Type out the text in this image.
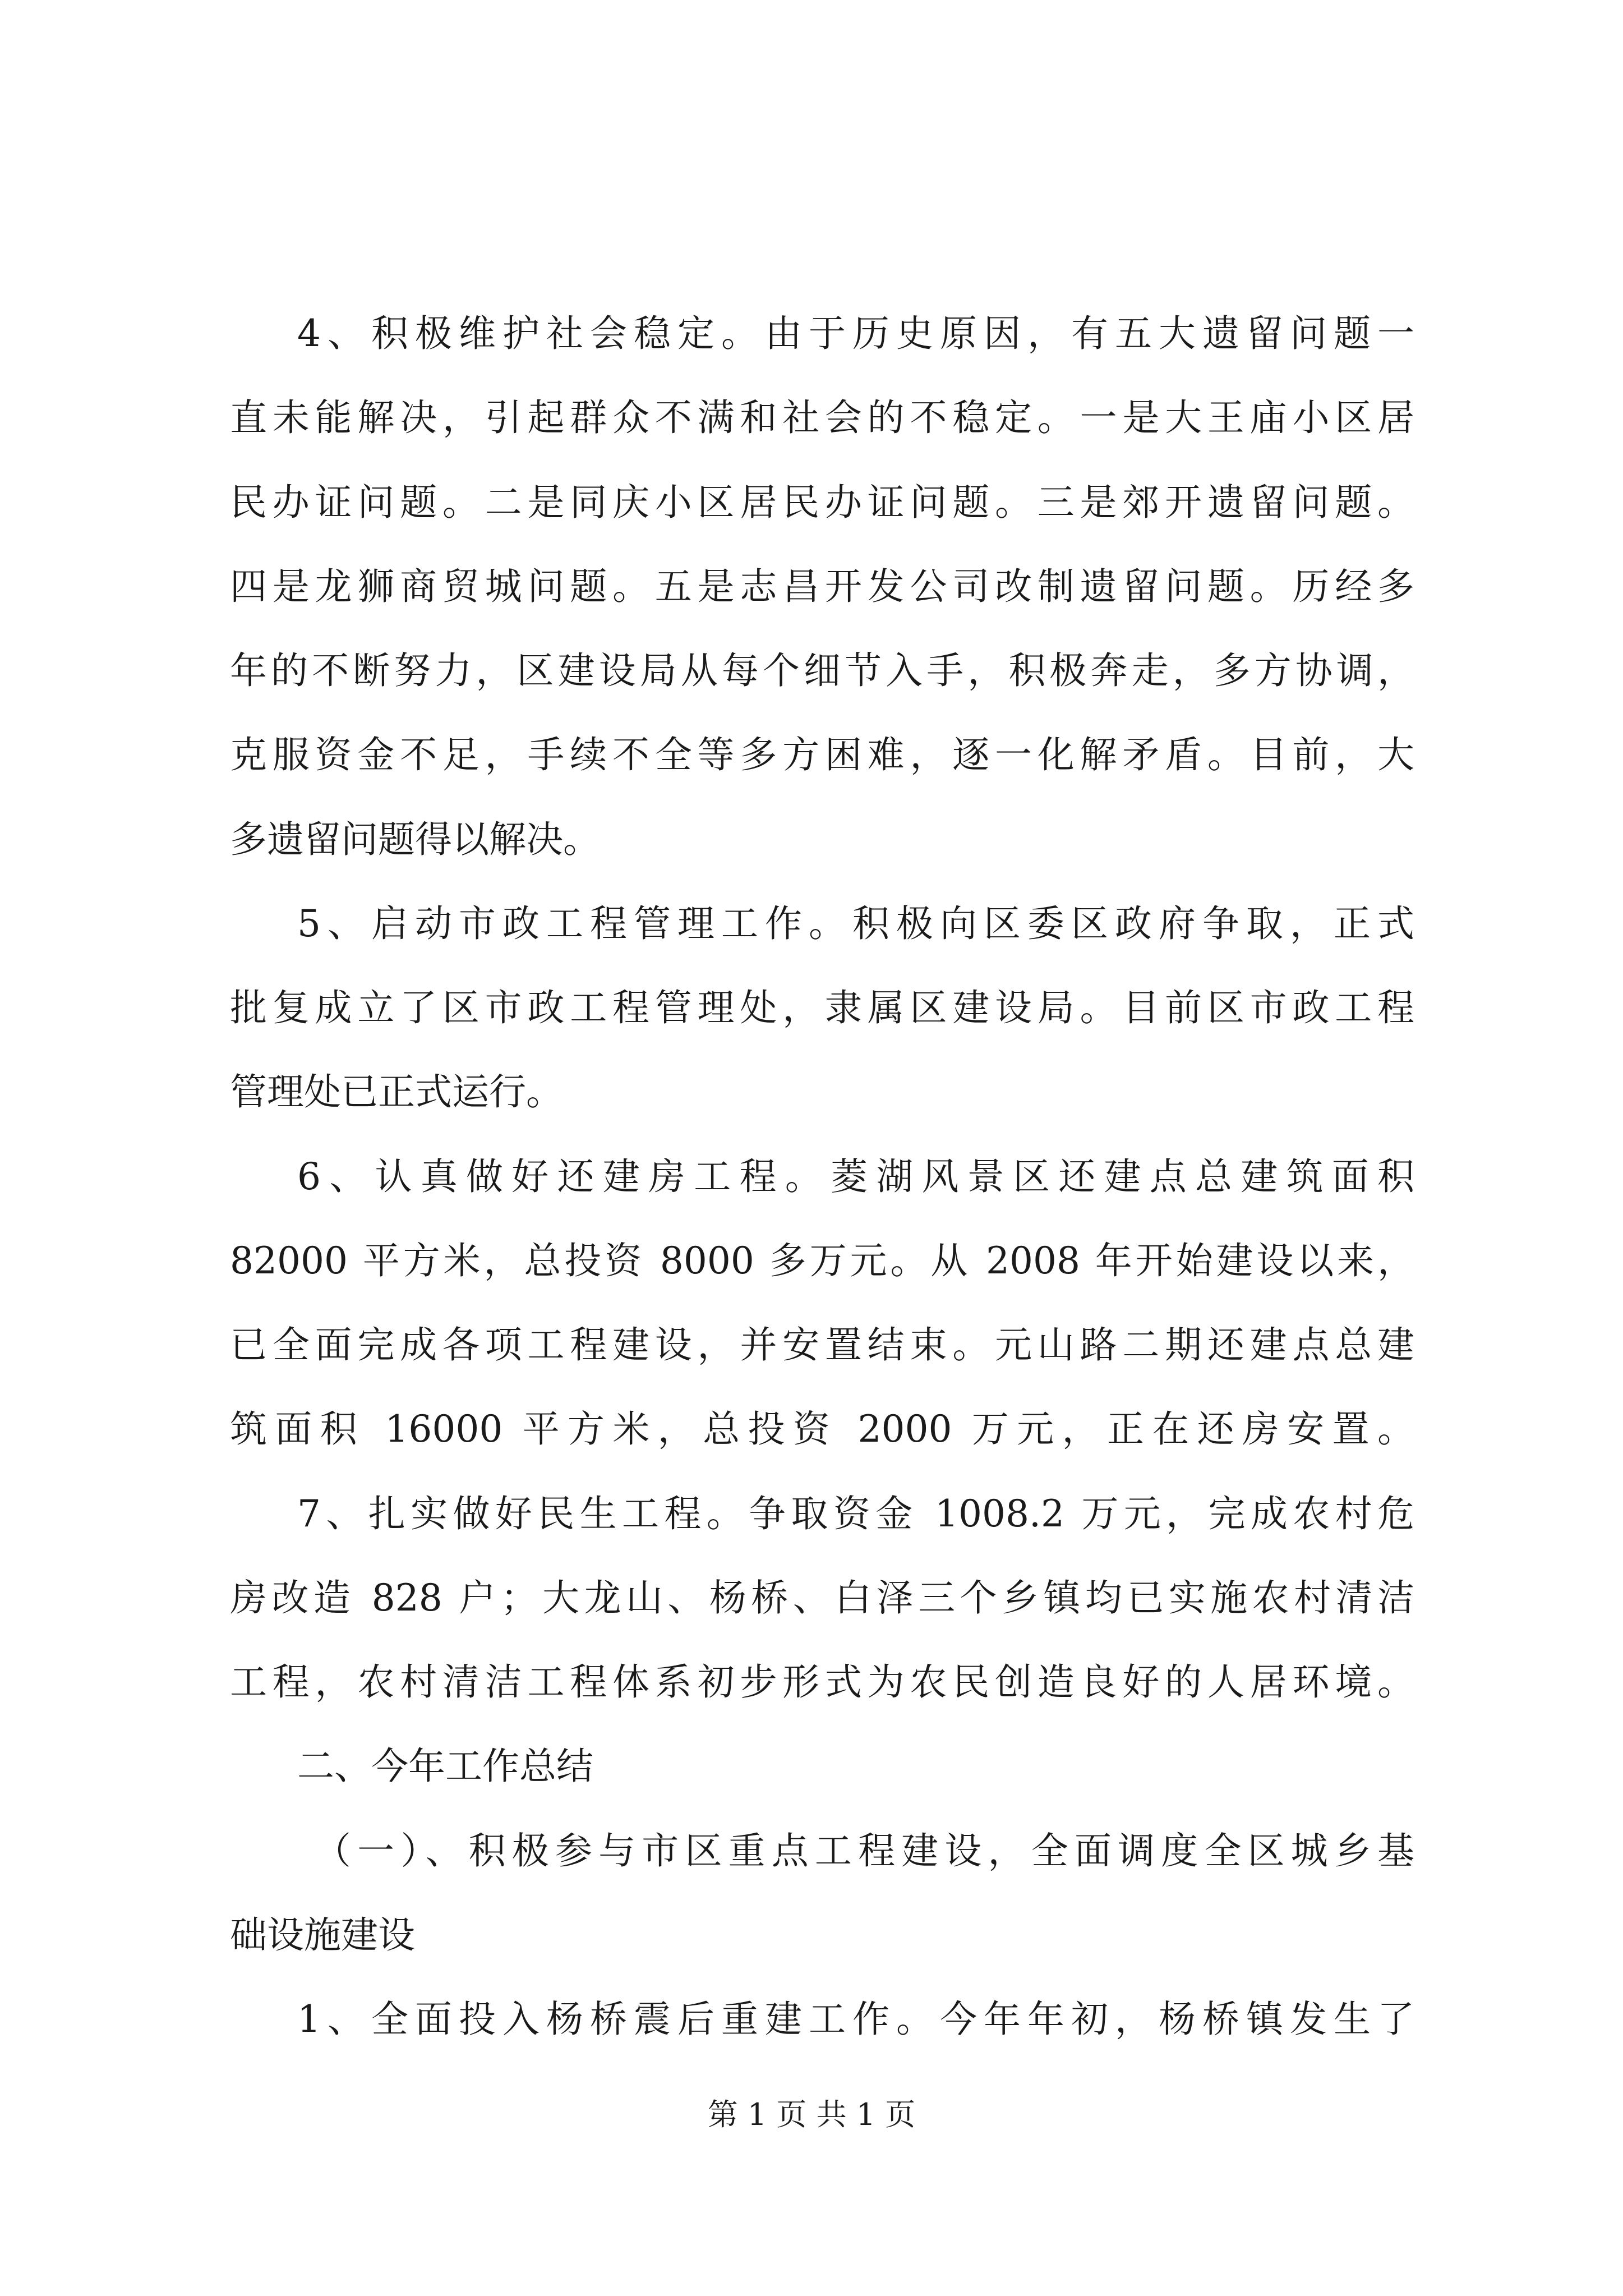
4、积极维护社会稳定。由于历史原因，有五大遗留问题一
直未能解决，引起群众不满和社会的不稳定。一是大王庙小区居
民办证问题。二是同庆小区居民办证问题。三是郊开遗留问题。
四是龙狮商贸城问题。五是志昌开发公司改制遗留问题。历经多
年的不断努力，区建设局从每个细节入手，积极奔走，多方协调，
克服资金不足，手续不全等多方困难，逐一化解矛盾。目前，大
多遗留问题得以解决。
5、启动市政工程管理工作。积极向区委区政府争取，正式
批复成立了区市政工程管理处，隶属区建设局。目前区市政工程
管理处已正式运行。
6、认真做好还建房工程。菱湖风景区还建点总建筑面积
82000 平方米，总投资 8000 多万元。从 2008 年开始建设以来，
已全面完成各项工程建设，并安置结束。元山路二期还建点总建
筑面积 16000 平方米，总投资 2000 万元，正在还房安置。
7、扎实做好民生工程。争取资金 1008.2 万元，完成农村危
房改造 828 户；大龙山、杨桥、白泽三个乡镇均已实施农村清洁
工程，农村清洁工程体系初步形式为农民创造良好的人居环境。
二、今年工作总结
（一）、积极参与市区重点工程建设，全面调度全区城乡基
础设施建设
1、全面投入杨桥震后重建工作。今年年初，杨桥镇发生了
第 1 页 共 1 页
